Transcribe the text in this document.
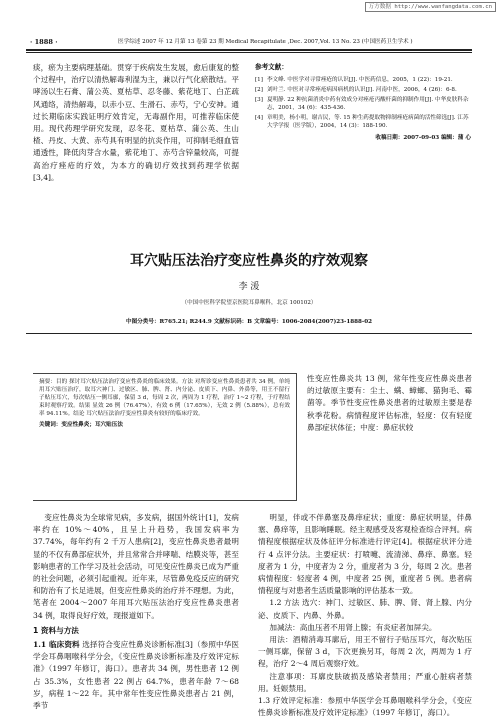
万方数据 http://www.wanfangdata.com.cn
· 1888 ·	医学综述 2007 年 12 月第 13 卷第 23 期 Medical Recapitulate ,Dec. 2007,Vol. 13 No. 23 (中国医药卫生学术 )

痰，瘀为主要病理基础。贯穿于疾病发生发展，愈后康复的整个过程中，治疗以清热解毒利湿为主，兼以行气化瘀散结。平哮汤以生石膏、蒲公英、夏枯草、忍冬藤、紫花地丁、白芷疏风通络，清热解毒，以赤小豆、生滑石、赤芍，宁心安神。通过长期临床实践证明疗效肯定，无毒副作用，可推荐临床使用。现代药理学研究发现，忍冬花、夏枯草、蒲公英、生山楂、丹皮、大黄、赤芍具有明显的抗炎作用，可抑制毛细血管通透性，降低肉芽含水量，紫花地丁、赤芍含锌量较高，可提高治疗痤疮的疗效，为本方的确切疗效找到药理学依据[3,4]。

参考文献：
[1] 李文峰. 中医学对寻常痤疮的认识[J]. 中医药信息，2005，1 (22)：19-21.
[2] 刘叶兰. 中医对寻常痤疮病因病机的认识[J]. 河南中医，2006，4 (26)：6-8.
[3] 夏明静. 22 种抗菌消炎中药有效成分对痤疮丙酸杆菌的抑制作用[J]. 中华皮肤科杂志，2001，34 (6)：435-436.
[4] 章明美，杨小明，谢吉民，等. 15 种生药提取物抑制痤疮病菌的活性筛选[J]. 江苏大学学报（医学版），2004，14 (3)：188-190.
收稿日期：2007-09-03 编辑：蒲 心
耳穴贴压法治疗变应性鼻炎的疗效观察
李 湲
（中国中医科学院望京医院耳鼻喉科，北京 100102）
中图分类号：R765.21; R244.9 文献标识码：B 文章编号：1006-2084(2007)23-1888-02
摘要：目的 探讨耳穴贴压法治疗变应性鼻炎的临床效果。方法 对所诊变应性鼻炎患者共 34 例，单纯用耳穴贴压治疗，取耳穴神门、过敏区、肺、脾、肾、内分泌、皮质下、内鼻、外鼻等，用王不留行子贴压耳穴，每次贴压一侧耳廓，保留 3 d，每周 2 次，两周为 1 疗程，治疗 1~2 疗程，于疗程结束时观察疗效。结果 显效 26 例（76.47%），有效 6 例（17.65%），无效 2 例（5.88%），总有效率 94.11%。结论 耳穴贴压法治疗变应性鼻炎有较好的临床疗效。
关键词：变应性鼻炎；耳穴贴压法

性变应性鼻炎共 13 例，常年性变应性鼻炎患者的过敏原主要有：尘土、螨、蟑螂、猫狗毛、霉菌等。季节性变应性鼻炎患者的过敏原主要是春秋季花粉。病情程度评估标准，轻度：仅有轻度鼻部症状体征；中度：鼻症状较

变应性鼻炎为全球常见病，多发病，据国外统计[1]，发病率约在 10%～40%，且呈上升趋势，我国发病率为 37.74%，每年约有 2 千万人患病[2]，变应性鼻炎患者最明显的不仅有鼻部症状外，并且常常合并哮喘、结膜炎等，甚至影响患者的工作学习及社会活动，可见变应性鼻炎已成为严重的社会问题，必须引起重视。近年来，尽管鼻免疫反应的研究和防治有了长足进展，但变应性鼻炎的治疗并不理想。为此，笔者在 2004～2007 年用耳穴贴压法治疗变应性鼻炎患者 34 例，取得良好疗效，现报道如下。

1 资料与方法

1.1 临床资料 选择符合变应性鼻炎诊断标准[3]（参照中华医学会耳鼻咽喉科学分会，《变应性鼻炎诊断标准及疗效评定标准》（1997 年修订，海口）。患者共 34 例，男性患者 12 例占 35.3%，女性患者 22 例占 64.7%，患者年龄 7～68 岁，病程 1～22 年。其中常年性变应性鼻炎患者占 21 例，季节

明显，伴或不伴鼻塞及鼻痒症状；重度：鼻症状明显，伴鼻塞、鼻痒等，且影响睡眠。经主观感受及客观检查综合评判。病情程度根据症状及体征评分标准进行评定[4]。根据症状评分进行 4 点评分法。主要症状：打喷嚏、流清涕、鼻痒、鼻塞。轻度者为 1 分，中度者为 2 分，重度者为 3 分，每周 2 次。患者病情程度：轻度者 4 例，中度者 25 例，重度者 5 例。患者病情程度与对患者生活质量影响的评估基本一致。

1.2 方法 选穴：神门、过敏区、肺、脾、肾、肾上腺、内分泌、皮质下、内鼻、外鼻。

加减法：高血压者不用肾上腺；有炎症者加屏尖。

用法：酒精消毒耳廓后，用王不留行子贴压耳穴，每次贴压一侧耳廓，保留 3 d，下次更换另耳，每周 2 次，两周为 1 疗程，治疗 2～4 周后观察疗效。

注意事项：耳廓皮肤破损及感染者禁用；严重心脏病者禁用。妊娠禁用。

1.3 疗效评定标准：参照中华医学会耳鼻咽喉科学分会，《变应性鼻炎诊断标准及疗效评定标准》（1997 年修订，海口）。
